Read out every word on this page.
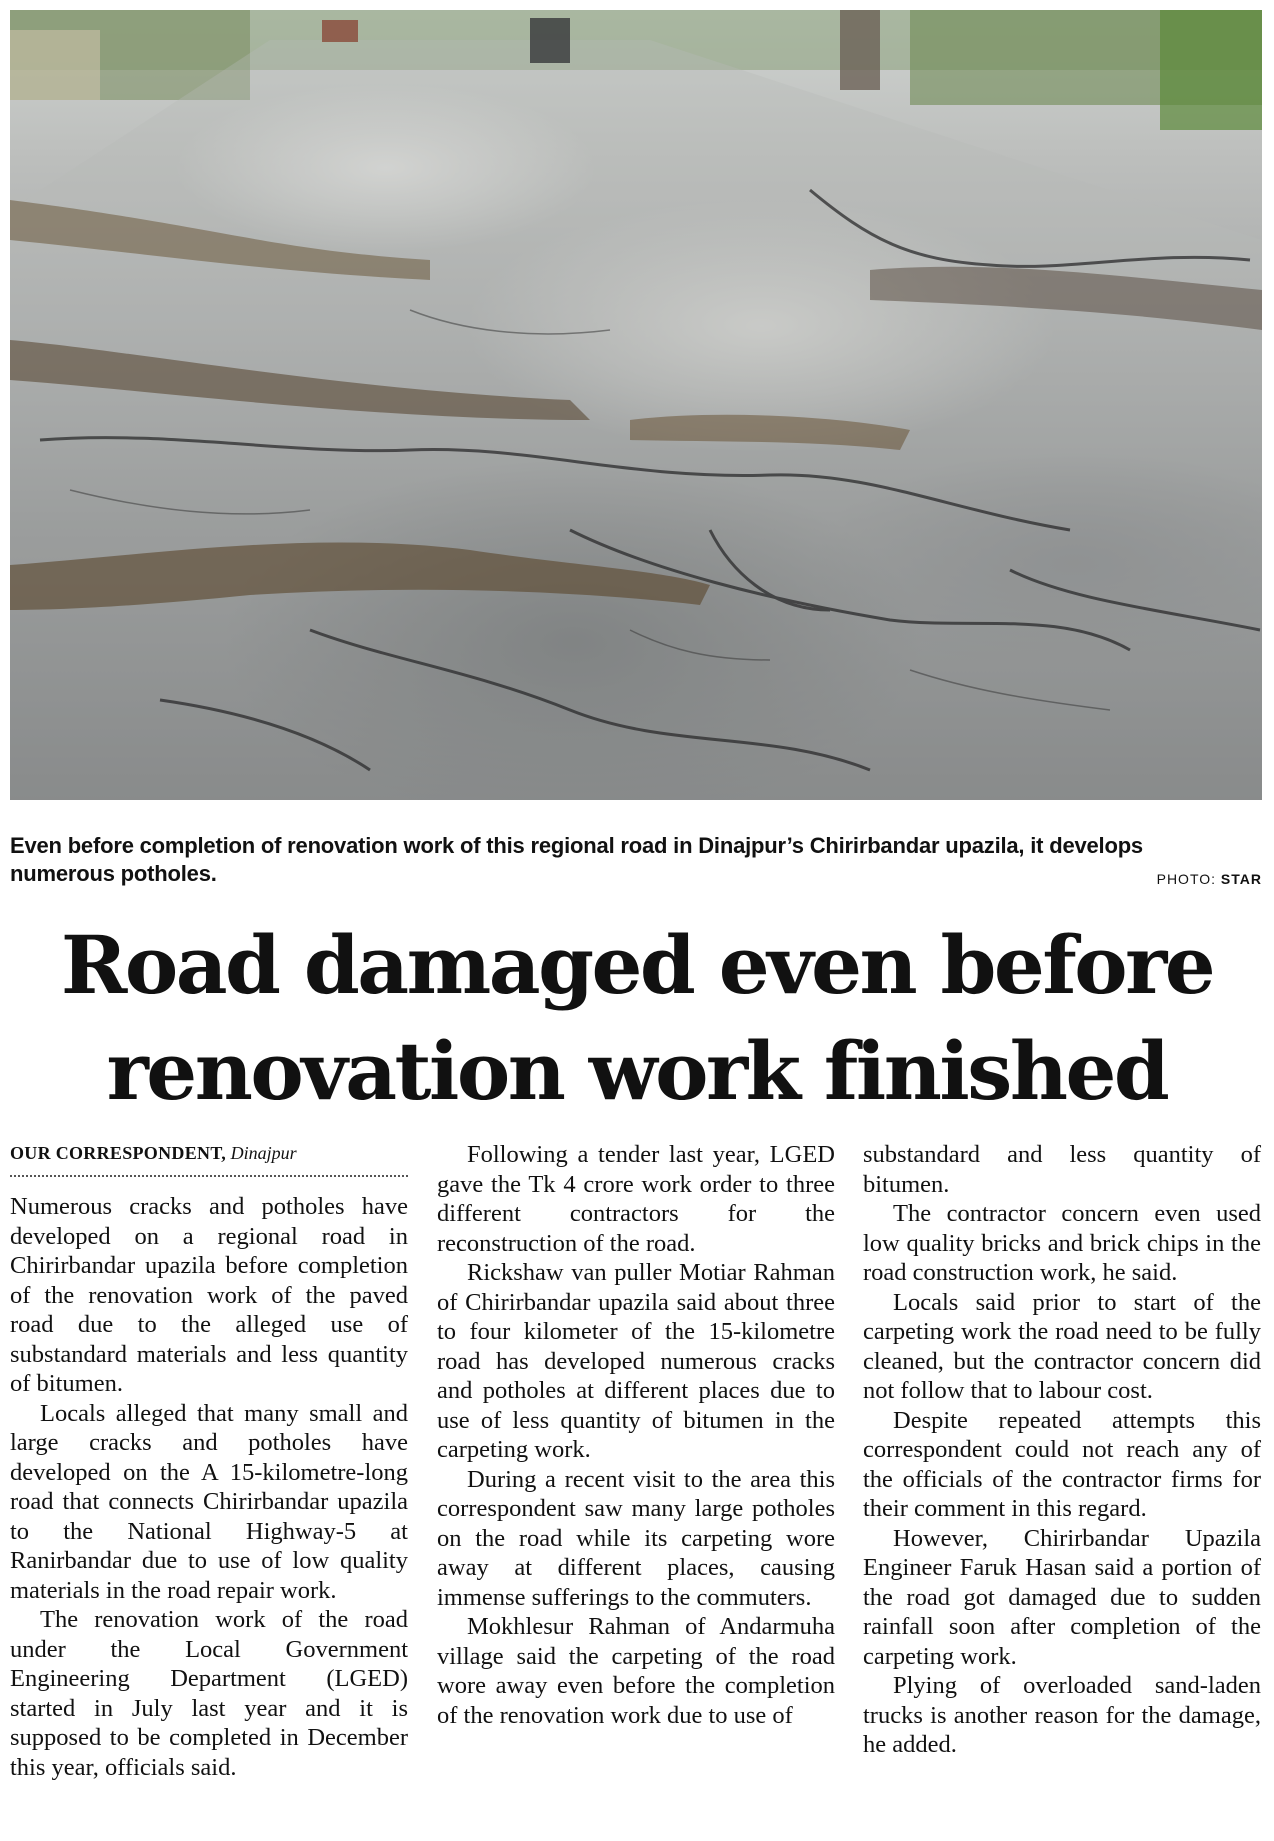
Even before completion of renovation work of this regional road in Dinajpur’s Chirirbandar upazila, it develops numerous potholes.	PHOTO: STAR
Road damaged even before
renovation work finished
OUR CORRESPONDENT, Dinajpur

Numerous cracks and potholes have developed on a regional road in Chirirbandar upazila before completion of the renovation work of the paved road due to the alleged use of substandard materials and less quantity of bitumen.

Locals alleged that many small and large cracks and potholes have developed on the A 15-kilometre-long road that connects Chirirbandar upazila to the National Highway-5 at Ranirbandar due to use of low quality materials in the road repair work.

The renovation work of the road under the Local Government Engineering Department (LGED) started in July last year and it is supposed to be completed in December this year, officials said.

Following a tender last year, LGED gave the Tk 4 crore work order to three different contractors for the reconstruction of the road.

Rickshaw van puller Motiar Rahman of Chirirbandar upazila said about three to four kilometer of the 15-kilometre road has developed numerous cracks and potholes at different places due to use of less quantity of bitumen in the carpeting work.

During a recent visit to the area this correspondent saw many large potholes on the road while its carpeting wore away at different places, causing immense sufferings to the commuters.

Mokhlesur Rahman of Andarmuha village said the carpeting of the road wore away even before the completion of the renovation work due to use of

substandard and less quantity of bitumen.

The contractor concern even used low quality bricks and brick chips in the road construction work, he said.

Locals said prior to start of the carpeting work the road need to be fully cleaned, but the contractor concern did not follow that to labour cost.

Despite repeated attempts this correspondent could not reach any of the officials of the contractor firms for their comment in this regard.

However, Chirirbandar Upazila Engineer Faruk Hasan said a portion of the road got damaged due to sudden rainfall soon after completion of the carpeting work.

Plying of overloaded sand-laden trucks is another reason for the damage, he added.
